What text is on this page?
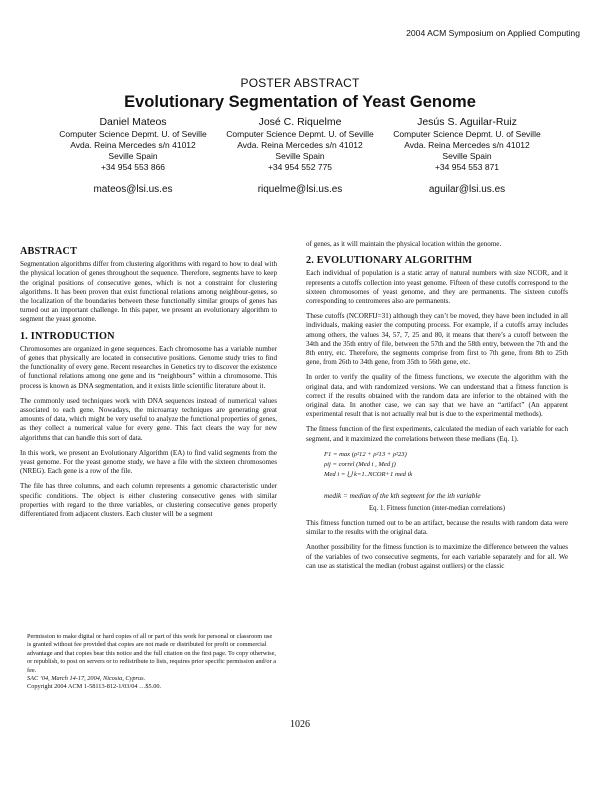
2004 ACM Symposium on Applied Computing
POSTER ABSTRACT
Evolutionary Segmentation of Yeast Genome
Daniel Mateos
Computer Science Depmt. U. of Seville
Avda. Reina Mercedes s/n 41012
Seville Spain
+34 954 553 866
mateos@lsi.us.es
José C. Riquelme
Computer Science Depmt. U. of Seville
Avda. Reina Mercedes s/n 41012
Seville Spain
+34 954 552 775
riquelme@lsi.us.es
Jesús S. Aguilar-Ruiz
Computer Science Depmt. U. of Seville
Avda. Reina Mercedes s/n 41012
Seville Spain
+34 954 553 871
aguilar@lsi.us.es
ABSTRACT

Segmentation algorithms differ from clustering algorithms with regard to how to deal with the physical location of genes throughout the sequence. Therefore, segments have to keep the original positions of consecutive genes, which is not a constraint for clustering algorithms. It has been proven that exist functional relations among neighbour-genes, so the localization of the boundaries between these functionally similar groups of genes has turned out an important challenge. In this paper, we present an evolutionary algorithm to segment the yeast genome.

1. INTRODUCTION

Chromosomes are organized in gene sequences. Each chromosome has a variable number of genes that physically are located in consecutive positions. Genome study tries to find the functionality of every gene. Recent researches in Genetics try to discover the existence of functional relations among one gene and its “neighbours” within a chromosome. This process is known as DNA segmentation, and it exists little scientific literature about it.

The commonly used techniques work with DNA sequences instead of numerical values associated to each gene. Nowadays, the microarray techniques are generating great amounts of data, which might be very useful to analyze the functional properties of genes, as they collect a numerical value for every gene. This fact clears the way for new algorithms that can handle this sort of data.

In this work, we present an Evolutionary Algorithm (EA) to find valid segments from the yeast genome. For the yeast genome study, we have a file with the sixteen chromosomes (NREG). Each gene is a row of the file.

The file has three columns, and each column represents a genomic characteristic under specific conditions. The object is either clustering consecutive genes with similar properties with regard to the three variables, or clustering consecutive genes properly differentiated from adjacent clusters. Each cluster will be a segment

Permission to make digital or hard copies of all or part of this work for personal or classroom use is granted without fee provided that copies are not made or distributed for profit or commercial advantage and that copies bear this notice and the full citation on the first page. To copy otherwise, or republish, to post on servers or to redistribute to lists, requires prior specific permission and/or a fee.
SAC ’04, March 14-17, 2004, Nicosia, Cyprus.
Copyright 2004 ACM 1-58113-812-1/03/04 …$5.00.

of genes, as it will maintain the physical location within the genome.

2. EVOLUTIONARY ALGORITHM

Each individual of population is a static array of natural numbers with size NCOR, and it represents a cutoffs collection into yeast genome. Fifteen of these cutoffs correspond to the sixteen chromosomes of yeast genome, and they are permanents. The sixteen cutoffs corresponding to centromeres also are permanents.

These cutoffs (NCORFIJ=31) although they can’t be moved, they have been included in all individuals, making easier the computing process. For example, if a cutoffs array includes among others, the values 34, 57, 7, 25 and 80, it means that there’s a cutoff between the 34th and the 35th entry of file, between the 57th and the 58th entry, between the 7th and the 8th entry, etc. Therefore, the segments comprise from first to 7th gene, from 8th to 25th gene, from 26th to 34th gene, from 35th to 56th gene, etc.

In order to verify the quality of the fitness functions, we execute the algorithm with the original data, and with randomized versions. We can understand that a fitness function is correct if the results obtained with the random data are inferior to the obtained with the original data. In another case, we can say that we have an “artifact” (An apparent experimental result that is not actually real but is due to the experimental methods).

The fitness function of the first experiments, calculated the median of each variable for each segment, and it maximized the correlations between these medians (Eq. 1).

F1 = max (ρ²12 + ρ²13 + ρ²23)
ρij = correl (Med i , Med j)
Med i = ⋃ k=1..NCOR+1 med ik
medik = median of the kth segment for the ith variable
Eq. 1. Fitness function (inter-median correlations)

This fitness function turned out to be an artifact, because the results with random data were similar to the results with the original data.

Another possibility for the fitness function is to maximize the difference between the values of the variables of two consecutive segments, for each variable separately and for all. We can use as statistical the median (robust against outliers) or the classic

1026
